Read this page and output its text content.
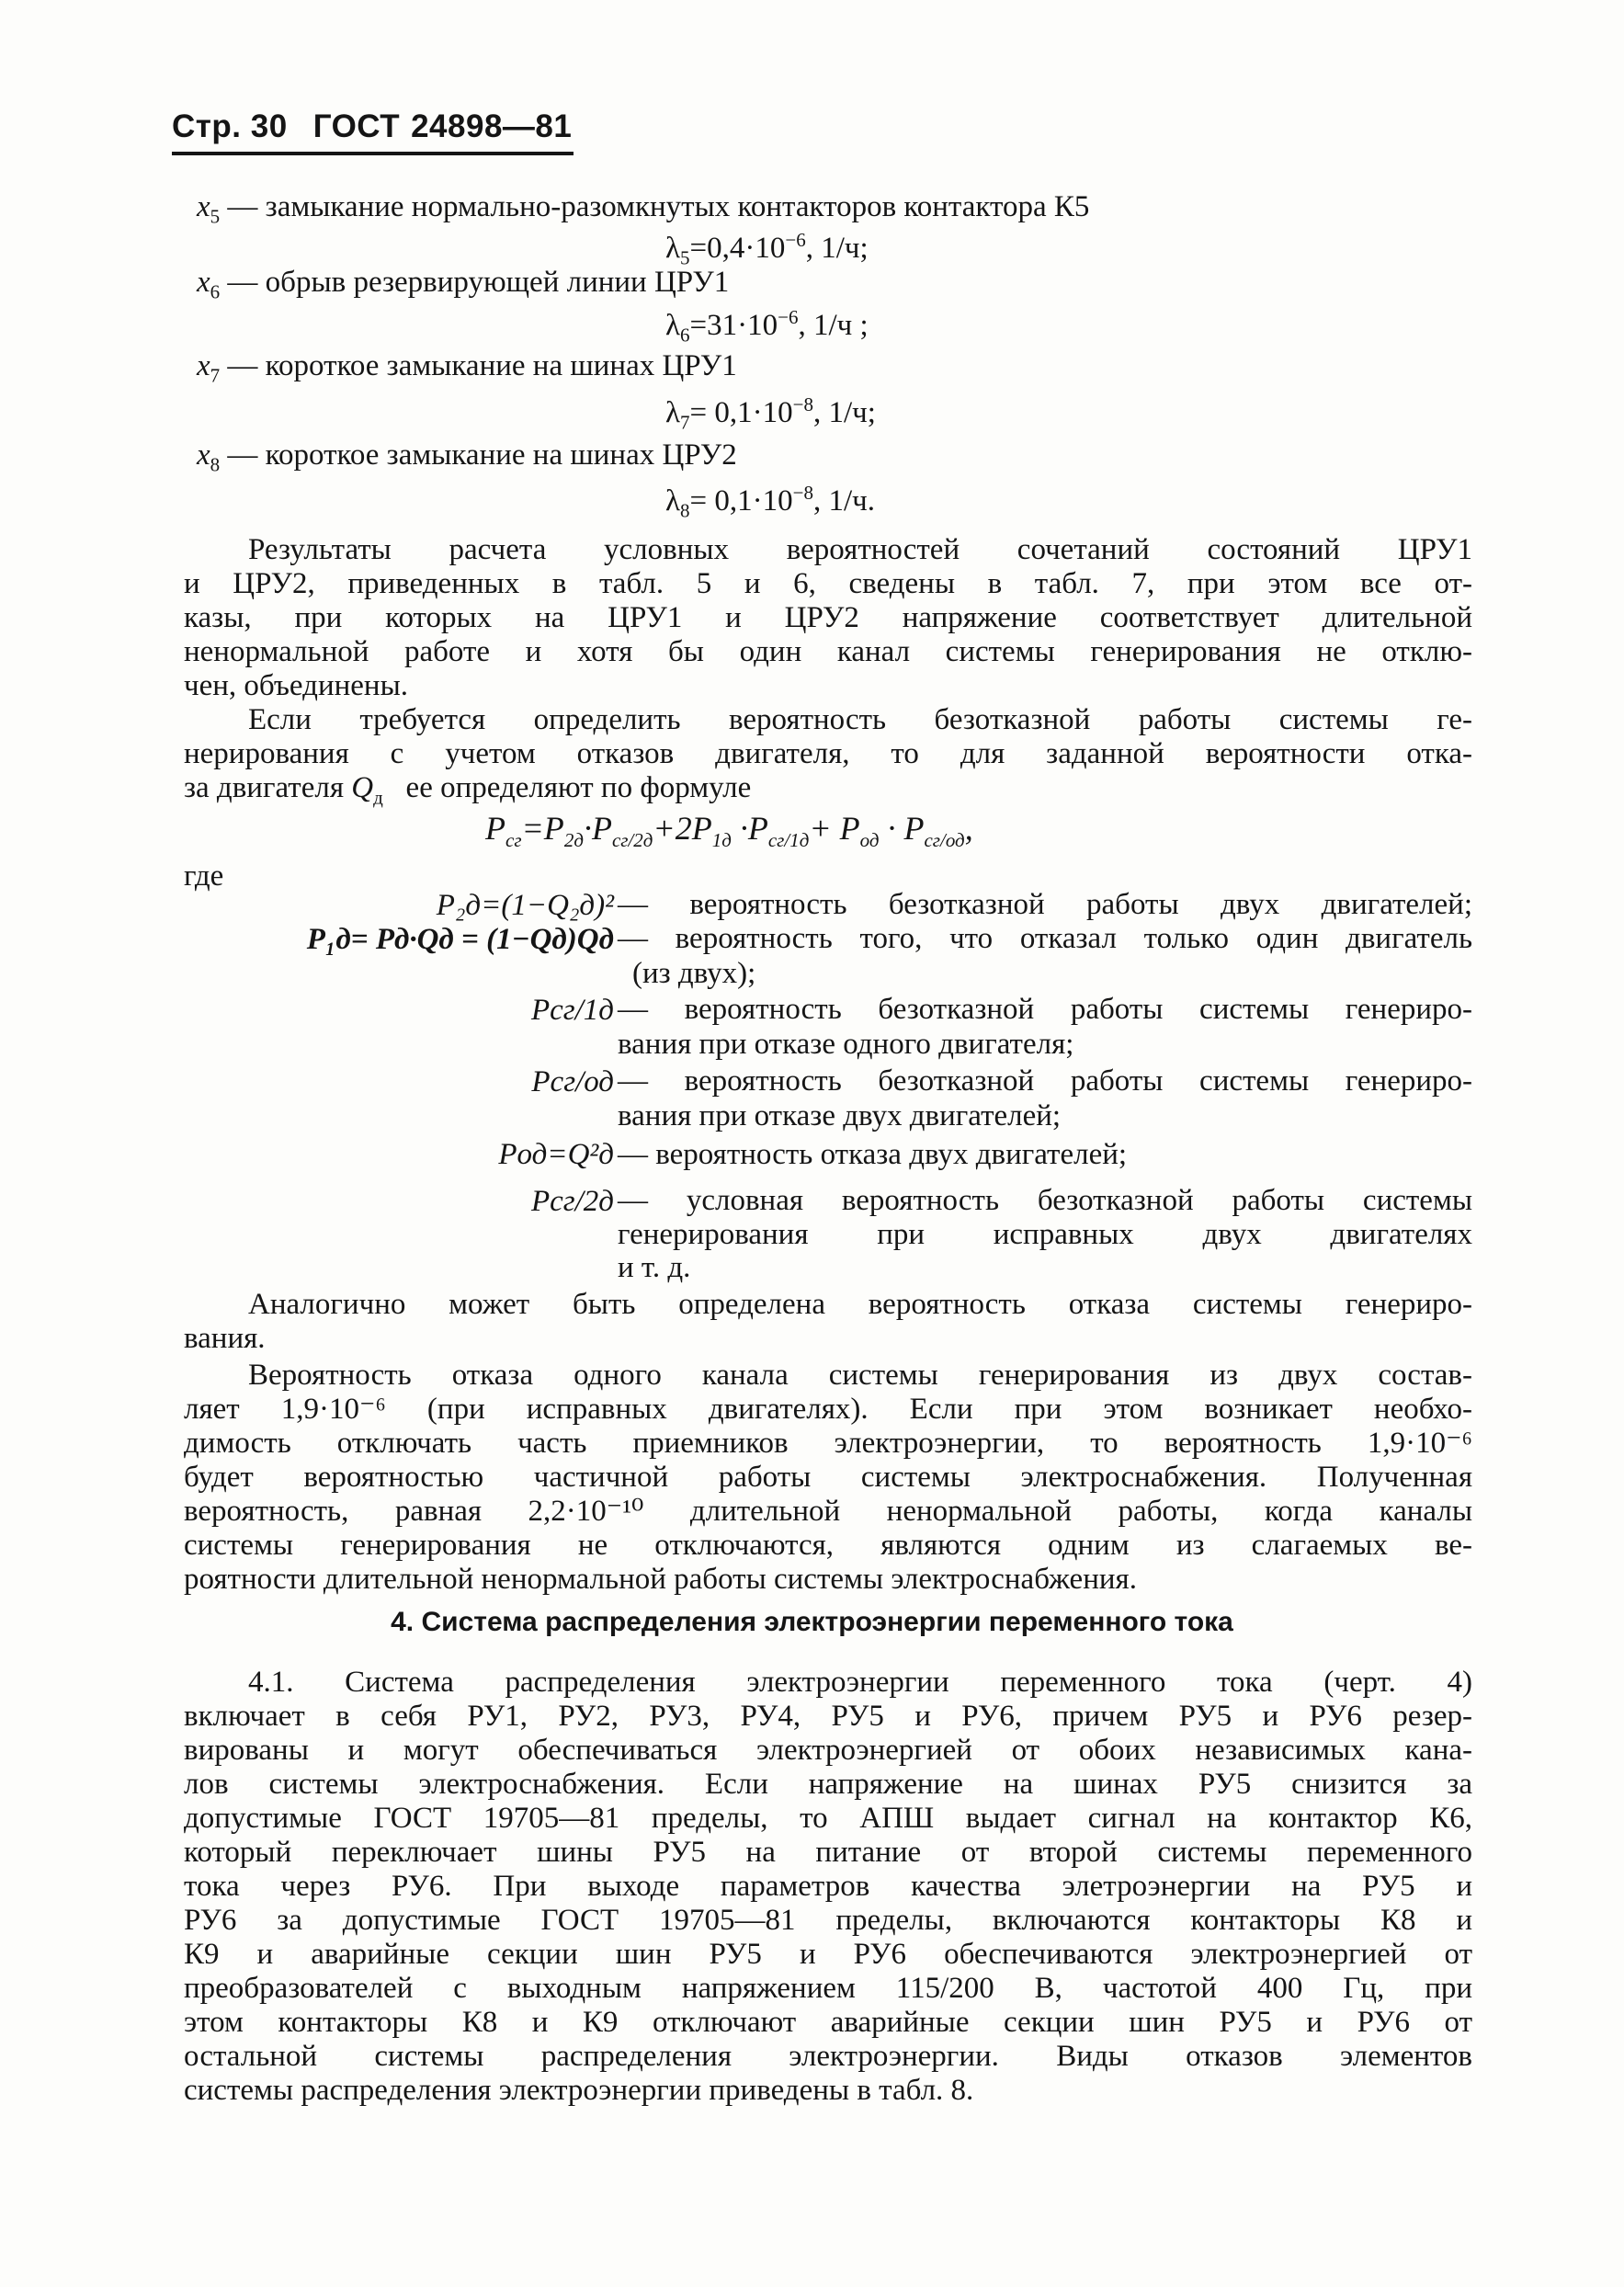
Стр. 30 ГОСТ 24898—81
$x_5$ — замыкание нормально-разомкнутых контакторов контактора К5
$\lambda_5=0,4\cdot 10^{-6}$, 1/ч;
$x_6$ — обрыв резервирующей линии ЦРУ1
$\lambda_6=31\cdot 10^{-6}$, 1/ч ;
$x_7$ — короткое замыкание на шинах ЦРУ1
$\lambda_7= 0,1\cdot 10^{-8}$, 1/ч;
$x_8$ — короткое замыкание на шинах ЦРУ2
$\lambda_8= 0,1\cdot 10^{-8}$, 1/ч.
Результаты расчета условных вероятностей сочетаний состояний ЦРУ1
и ЦРУ2, приведенных в табл. 5 и 6, сведены в табл. 7, при этом все от-
казы, при которых на ЦРУ1 и ЦРУ2 напряжение соответствует длительной
ненормальной работе и хотя бы один канал системы генерирования не отклю-
чен, объединены.
Если требуется определить вероятность безотказной работы системы ге-
нерирования с учетом отказов двигателя, то для заданной вероятности отка-
за двигателя $Q_д$ ее определяют по формуле
$P_{сг}=P_{2д}\cdot P_{сг/2д}+2P_{1д} \cdot P_{сг/1д}+ P_{од} \cdot P_{сг/од}$,
где
P₂д=(1−Q₂д)² — вероятность безотказной работы двух двигателей;
P₁д= Pд·Qд = (1−Qд)Qд — вероятность того, что отказал только один двигатель
(из двух);
Pсг/1д — вероятность безотказной работы системы генериро-
вания при отказе одного двигателя;
Pсг/од — вероятность безотказной работы системы генериро-
вания при отказе двух двигателей;
Pод=Q²д — вероятность отказа двух двигателей;
Pсг/2д — условная вероятность безотказной работы системы
генерирования при исправных двух двигателях
и т. д.
Аналогично может быть определена вероятность отказа системы генериро-
вания.
Вероятность отказа одного канала системы генерирования из двух состав-
ляет 1,9·10⁻⁶ (при исправных двигателях). Если при этом возникает необхо-
димость отключать часть приемников электроэнергии, то вероятность 1,9·10⁻⁶
будет вероятностью частичной работы системы электроснабжения. Полученная
вероятность, равная 2,2·10⁻¹⁰ длительной ненормальной работы, когда каналы
системы генерирования не отключаются, являются одним из слагаемых ве-
роятности длительной ненормальной работы системы электроснабжения.
4. Система распределения электроэнергии переменного тока
4.1. Система распределения электроэнергии переменного тока (черт. 4)
включает в себя РУ1, РУ2, РУ3, РУ4, РУ5 и РУ6, причем РУ5 и РУ6 резер-
вированы и могут обеспечиваться электроэнергией от обоих независимых кана-
лов системы электроснабжения. Если напряжение на шинах РУ5 снизится за
допустимые ГОСТ 19705—81 пределы, то АПШ выдает сигнал на контактор К6,
который переключает шины РУ5 на питание от второй системы переменного
тока через РУ6. При выходе параметров качества элетроэнергии на РУ5 и
РУ6 за допустимые ГОСТ 19705—81 пределы, включаются контакторы К8 и
К9 и аварийные секции шин РУ5 и РУ6 обеспечиваются электроэнергией от
преобразователей с выходным напряжением 115/200 В, частотой 400 Гц, при
этом контакторы К8 и К9 отключают аварийные секции шин РУ5 и РУ6 от
остальной системы распределения электроэнергии. Виды отказов элементов
системы распределения электроэнергии приведены в табл. 8.
